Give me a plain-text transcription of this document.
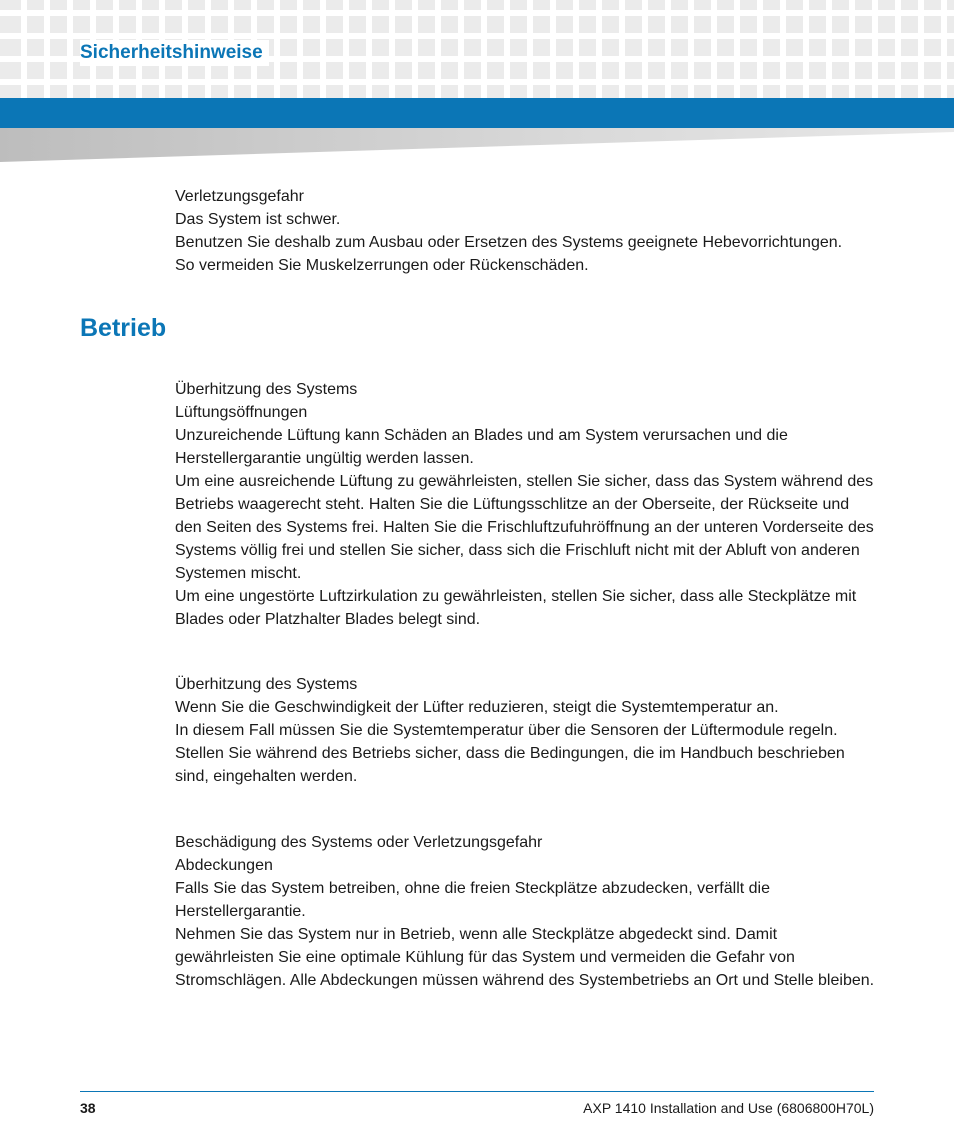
Sicherheitshinweise

Verletzungsgefahr

Das System ist schwer.

Benutzen Sie deshalb zum Ausbau oder Ersetzen des Systems geeignete Hebevorrichtungen.

So vermeiden Sie Muskelzerrungen oder Rückenschäden.

Betrieb

Überhitzung des Systems

Lüftungsöffnungen

Unzureichende Lüftung kann Schäden an Blades und am System verursachen und die Herstellergarantie ungültig werden lassen.

Um eine ausreichende Lüftung zu gewährleisten, stellen Sie sicher, dass das System während des Betriebs waagerecht steht. Halten Sie die Lüftungsschlitze an der Oberseite, der Rückseite und den Seiten des Systems frei. Halten Sie die Frischluftzufuhröffnung an der unteren Vorderseite des Systems völlig frei und stellen Sie sicher, dass sich die Frischluft nicht mit der Abluft von anderen Systemen mischt.

Um eine ungestörte Luftzirkulation zu gewährleisten, stellen Sie sicher, dass alle Steckplätze mit Blades oder Platzhalter Blades belegt sind.

Überhitzung des Systems

Wenn Sie die Geschwindigkeit der Lüfter reduzieren, steigt die Systemtemperatur an.

In diesem Fall müssen Sie die Systemtemperatur über die Sensoren der Lüftermodule regeln.

Stellen Sie während des Betriebs sicher, dass die Bedingungen, die im Handbuch beschrieben sind, eingehalten werden.

Beschädigung des Systems oder Verletzungsgefahr

Abdeckungen

Falls Sie das System betreiben, ohne die freien Steckplätze abzudecken, verfällt die Herstellergarantie.

Nehmen Sie das System nur in Betrieb, wenn alle Steckplätze abgedeckt sind. Damit gewährleisten Sie eine optimale Kühlung für das System und vermeiden die Gefahr von Stromschlägen. Alle Abdeckungen müssen während des Systembetriebs an Ort und Stelle bleiben.

38	AXP 1410 Installation and Use (6806800H70L)
